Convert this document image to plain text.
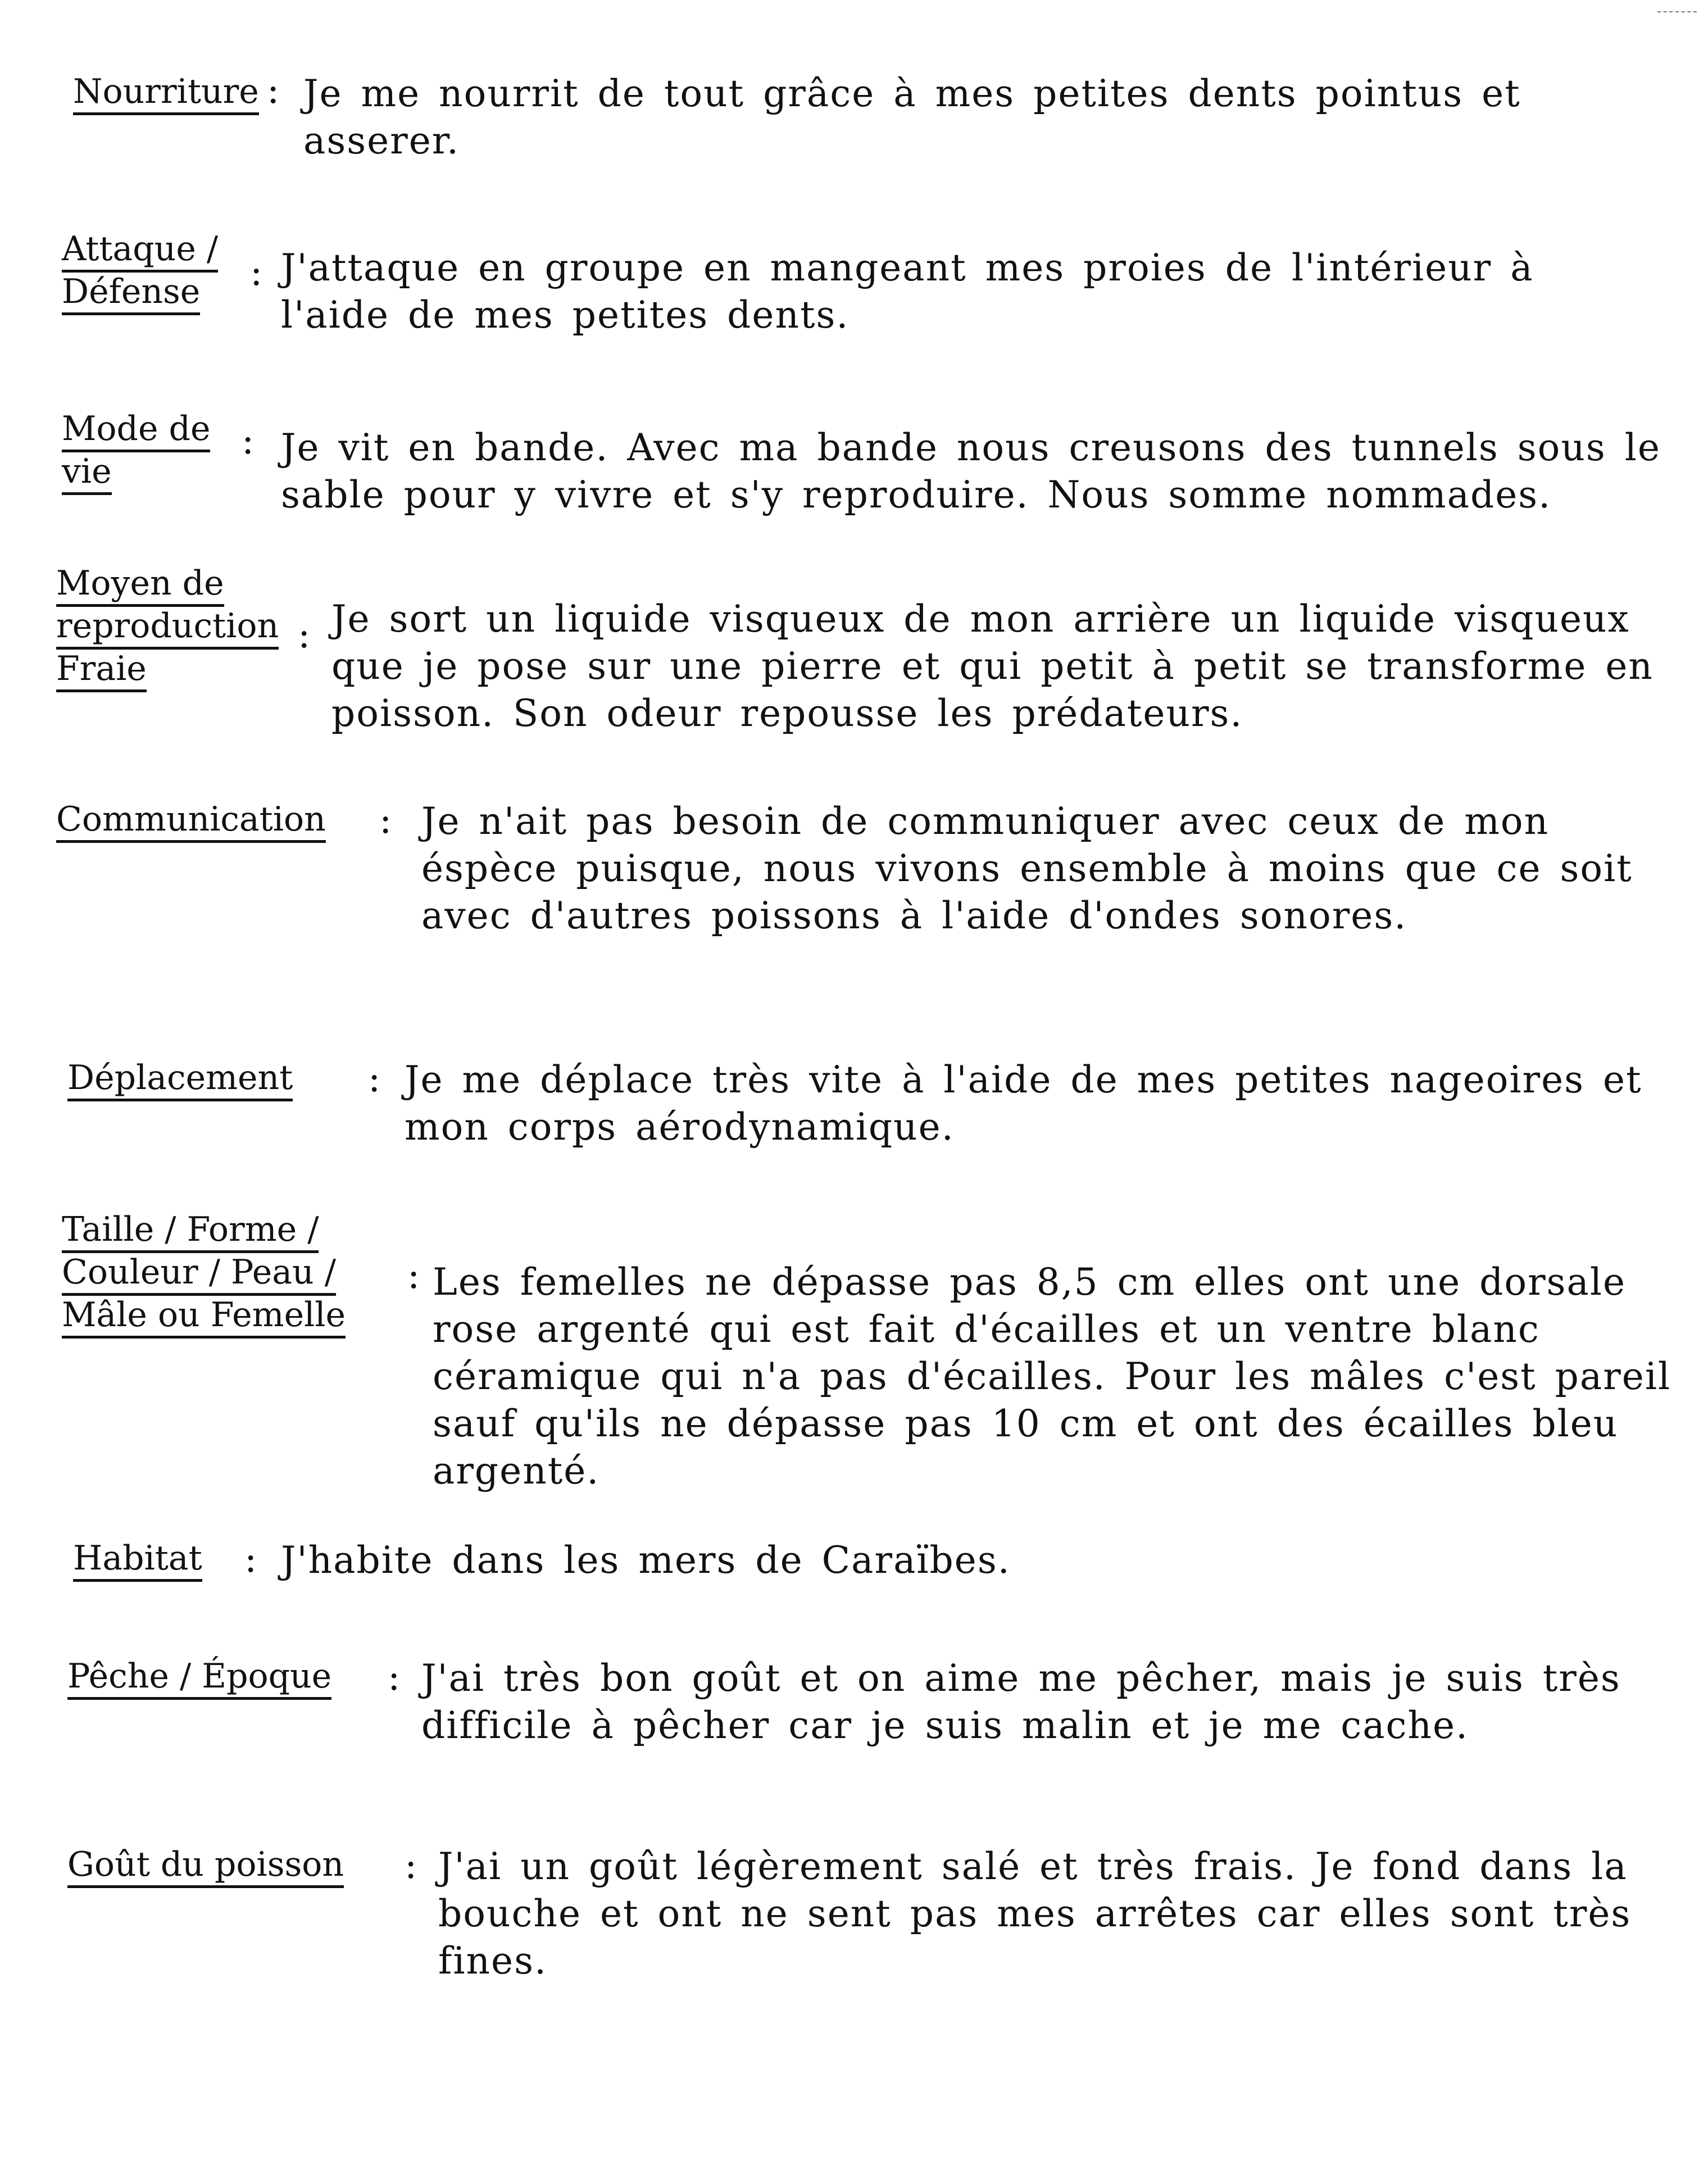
Nourriture : Je me nourrit de tout grâce à mes petites dents pointus et asserer.
Attaque /
Défense	: J'attaque en groupe en mangeant mes proies de l'intérieur à l'aide de mes petites dents.
Mode de
vie
: Je vit en bande. Avec ma bande nous creusons des tunnels sous le sable pour y vivre et s'y reproduire. Nous somme nommades.
Moyen de
reproduction
Fraie
: Je sort un liquide visqueux de mon arrière un liquide visqueux que je pose sur une pierre et qui petit à petit se transforme en poisson. Son odeur repousse les prédateurs.
Communication : Je n'ait pas besoin de communiquer avec ceux de mon éspèce puisque, nous vivons ensemble à moins que ce soit avec d'autres poissons à l'aide d'ondes sonores.
Déplacement : Je me déplace très vite à l'aide de mes petites nageoires et mon corps aérodynamique.
Taille / Forme /
Couleur / Peau /
Mâle ou Femelle
: Les femelles ne dépasse pas 8,5 cm elles ont une dorsale rose argenté qui est fait d'écailles et un ventre blanc céramique qui n'a pas d'écailles. Pour les mâles c'est pareil sauf qu'ils ne dépasse pas 10 cm et ont des écailles bleu argenté.
Habitat : J'habite dans les mers de Caraïbes.
Pêche / Époque : J'ai très bon goût et on aime me pêcher, mais je suis très difficile à pêcher car je suis malin et je me cache.
Goût du poisson : J'ai un goût légèrement salé et très frais. Je fond dans la bouche et ont ne sent pas mes arrêtes car elles sont très fines.
